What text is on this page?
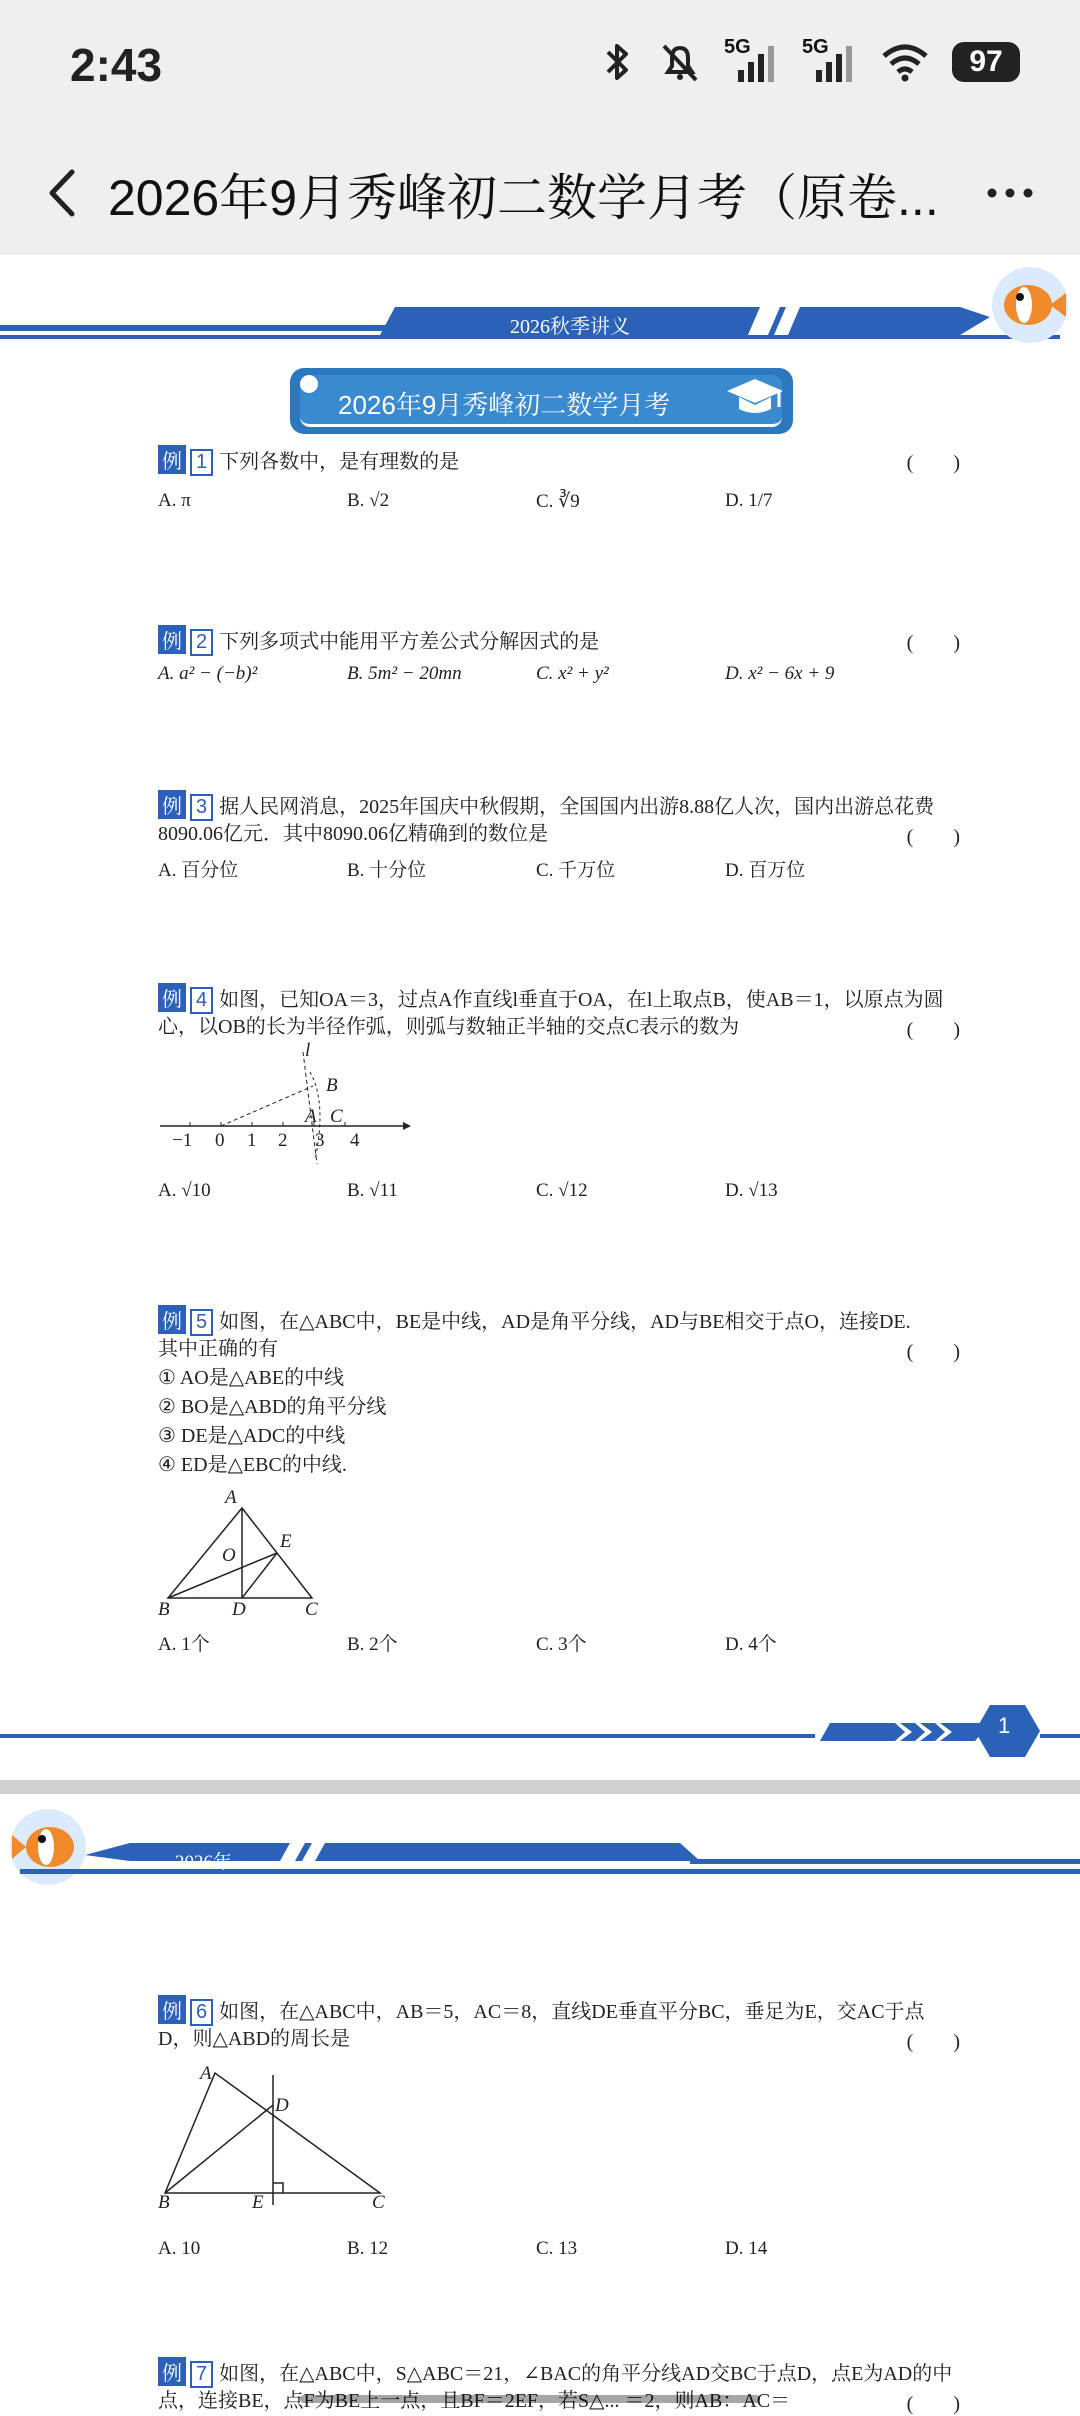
2:43	5G	5G	97
2026年9月秀峰初二数学月考（原卷...
2026秋季讲义
2026年9月秀峰初二数学月考
例 1 下列各数中，是有理数的是	(　　)
A. π	B. √2	C. ∛9	D. 1/7
例 2 下列多项式中能用平方差公式分解因式的是	(　　)
A. a² − (−b)²	B. 5m² − 20mn	C. x² + y²	D. x² − 6x + 9
例 3 据人民网消息，2025年国庆中秋假期，全国国内出游8.88亿人次，国内出游总花费
8090.06亿元．其中8090.06亿精确到的数位是	(　　)
A. 百分位	B. 十分位	C. 千万位	D. 百万位
例 4 如图，已知OA＝3，过点A作直线l垂直于OA，在l上取点B，使AB＝1，以原点为圆
心，以OB的长为半径作弧，则弧与数轴正半轴的交点C表示的数为	(　　)
l
B
A C
−1 0 1 2 3 4
A. √10	B. √11	C. √12	D. √13
例 5 如图，在△ABC中，BE是中线，AD是角平分线，AD与BE相交于点O，连接DE.
其中正确的有	(　　)
① AO是△ABE的中线
② BO是△ABD的角平分线
③ DE是△ADC的中线
④ ED是△EBC的中线.
A
O
E
B	D	C
A. 1个	B. 2个	C. 3个	D. 4个
1
2026年
例 6 如图，在△ABC中，AB＝5，AC＝8，直线DE垂直平分BC，垂足为E，交AC于点
D，则△ABD的周长是	(　　)
A
D
B	E	C
A. 10	B. 12	C. 13	D. 14
例 7 如图，在△ABC中，S△ABC＝21，∠BAC的角平分线AD交BC于点D，点E为AD的中
点，连接BE，点F为BE上一点，且BF＝2EF，若S△... ＝2，则AB：AC＝	(　　)
